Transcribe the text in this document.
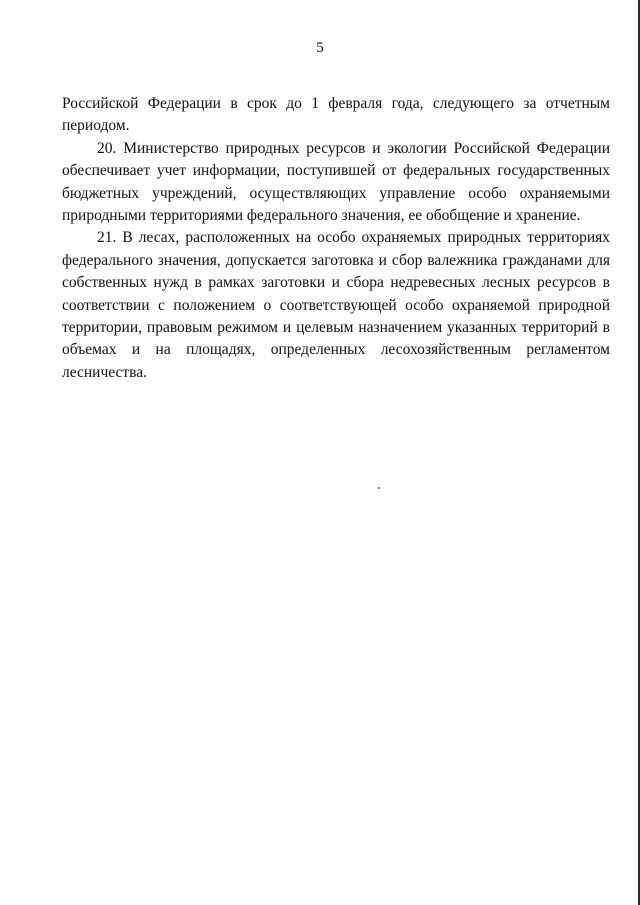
5

Российской Федерации в срок до 1 февраля года, следующего за отчетным периодом.

20. Министерство природных ресурсов и экологии Российской Федерации обеспечивает учет информации, поступившей от федеральных государственных бюджетных учреждений, осуществляющих управление особо охраняемыми природными территориями федерального значения, ее обобщение и хранение.

21. В лесах, расположенных на особо охраняемых природных территориях федерального значения, допускается заготовка и сбор валежника гражданами для собственных нужд в рамках заготовки и сбора недревесных лесных ресурсов в соответствии с положением о соответствующей особо охраняемой природной территории, правовым режимом и целевым назначением указанных территорий в объемах и на площадях, определенных лесохозяйственным регламентом лесничества.
